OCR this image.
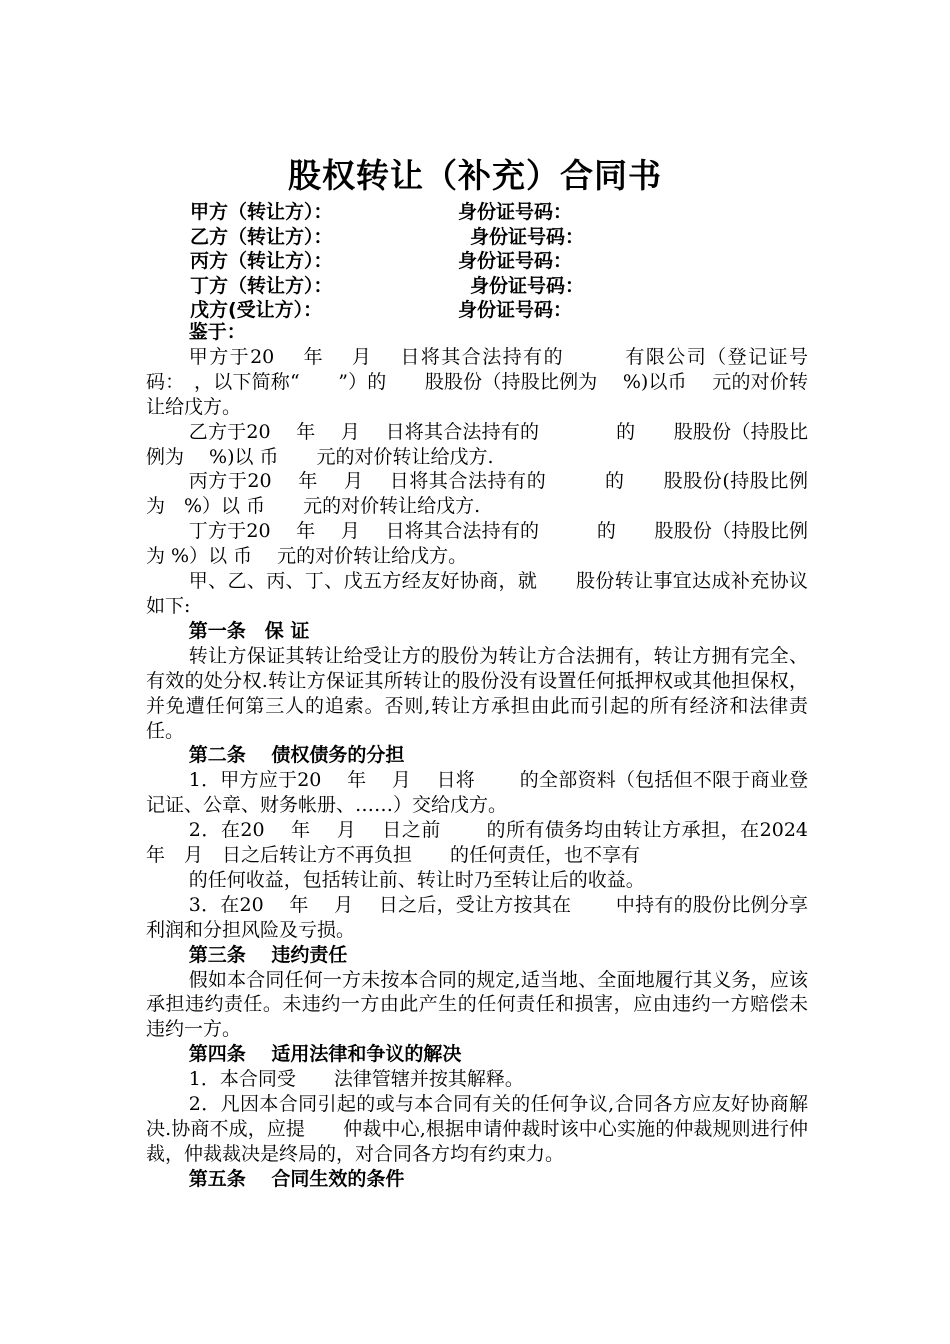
股权转让（补充）合同书
甲方（转让方）：	身份证号码：
乙方（转让方）：	身份证号码：
丙方（转让方）：	身份证号码：
丁方（转让方）：	身份证号码：
戊方(受让方）：	身份证号码：

鉴于：

甲方于20　 年　 月　 日将其合法持有的　　　有限公司（登记证号码：　，以下简称“　　”）的　　股股份（持股比例为　 %)以币　 元的对价转让给戊方。

乙方于20　 年　 月　 日将其合法持有的　　　　的　　股股份（持股比例为　 %)以 币　　元的对价转让给戊方.

丙方于20　 年　 月　 日将其合法持有的　　　的　　股股份(持股比例为　%）以 币　　元的对价转让给戊方.

丁方于20　 年　 月　 日将其合法持有的　　　的　　股股份（持股比例为 %）以 币　 元的对价转让给戊方。

甲、乙、丙、丁、戊五方经友好协商，就　　股份转让事宜达成补充协议如下:

第一条　保 证

转让方保证其转让给受让方的股份为转让方合法拥有，转让方拥有完全、有效的处分权.转让方保证其所转让的股份没有设置任何抵押权或其他担保权，并免遭任何第三人的追索。否则,转让方承担由此而引起的所有经济和法律责任。

第二条　 债权债务的分担

1．甲方应于20　 年　 月　 日将　　 的全部资料（包括但不限于商业登记证、公章、财务帐册、……）交给戊方。

2．在20　 年　 月　 日之前　　 的所有债务均由转让方承担，在2024年　月　日之后转让方不再负担　　的任何责任，也不享有

的任何收益，包括转让前、转让时乃至转让后的收益。

3．在20　 年　 月　 日之后，受让方按其在　　 中持有的股份比例分享利润和分担风险及亏损。

第三条　 违约责任

假如本合同任何一方未按本合同的规定,适当地、全面地履行其义务，应该承担违约责任。未违约一方由此产生的任何责任和损害，应由违约一方赔偿未违约一方。

第四条　 适用法律和争议的解决

1．本合同受　　法律管辖并按其解释。

2．凡因本合同引起的或与本合同有关的任何争议,合同各方应友好协商解决.协商不成，应提　　仲裁中心,根据申请仲裁时该中心实施的仲裁规则进行仲裁，仲裁裁决是终局的，对合同各方均有约束力。

第五条　 合同生效的条件
